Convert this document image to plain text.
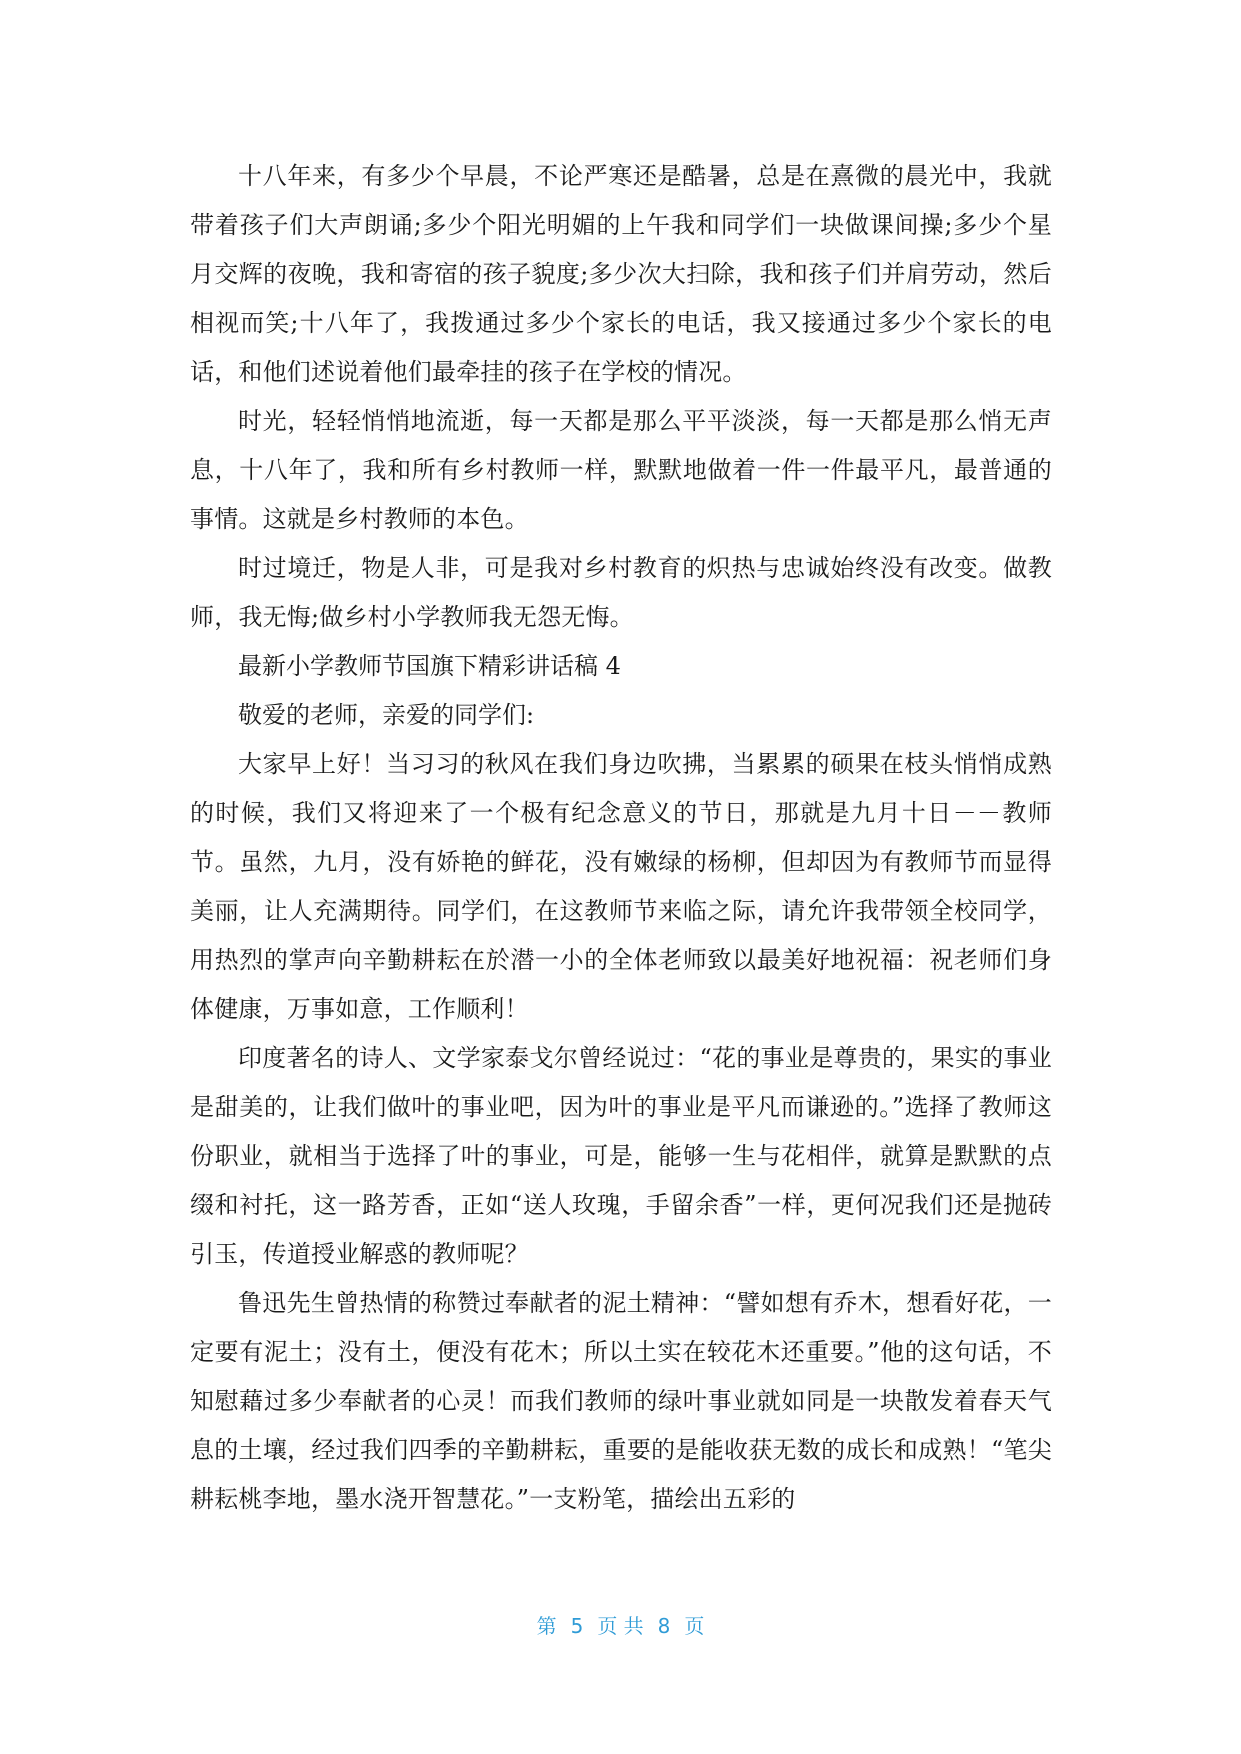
十八年来，有多少个早晨，不论严寒还是酷暑，总是在熹微的晨光中，我就带着孩子们大声朗诵;多少个阳光明媚的上午我和同学们一块做课间操;多少个星月交辉的夜晚，我和寄宿的孩子貌度;多少次大扫除，我和孩子们并肩劳动，然后相视而笑;十八年了，我拨通过多少个家长的电话，我又接通过多少个家长的电话，和他们述说着他们最牵挂的孩子在学校的情况。

时光，轻轻悄悄地流逝，每一天都是那么平平淡淡，每一天都是那么悄无声息，十八年了，我和所有乡村教师一样，默默地做着一件一件最平凡，最普通的事情。这就是乡村教师的本色。

时过境迁，物是人非，可是我对乡村教育的炽热与忠诚始终没有改变。做教师，我无悔;做乡村小学教师我无怨无悔。

最新小学教师节国旗下精彩讲话稿 4

敬爱的老师，亲爱的同学们:

大家早上好！当习习的秋风在我们身边吹拂，当累累的硕果在枝头悄悄成熟的时候，我们又将迎来了一个极有纪念意义的节日，那就是九月十日－－教师节。虽然，九月，没有娇艳的鲜花，没有嫩绿的杨柳，但却因为有教师节而显得美丽，让人充满期待。同学们，在这教师节来临之际，请允许我带领全校同学，用热烈的掌声向辛勤耕耘在於潜一小的全体老师致以最美好地祝福：祝老师们身体健康，万事如意，工作顺利！

印度著名的诗人、文学家泰戈尔曾经说过：“花的事业是尊贵的，果实的事业是甜美的，让我们做叶的事业吧，因为叶的事业是平凡而谦逊的。”选择了教师这份职业，就相当于选择了叶的事业，可是，能够一生与花相伴，就算是默默的点缀和衬托，这一路芳香，正如“送人玫瑰，手留余香”一样，更何况我们还是抛砖引玉，传道授业解惑的教师呢？

鲁迅先生曾热情的称赞过奉献者的泥土精神：“譬如想有乔木，想看好花，一定要有泥土；没有土，便没有花木；所以土实在较花木还重要。”他的这句话，不知慰藉过多少奉献者的心灵！而我们教师的绿叶事业就如同是一块散发着春天气息的土壤，经过我们四季的辛勤耕耘，重要的是能收获无数的成长和成熟！“笔尖耕耘桃李地，墨水浇开智慧花。”一支粉笔，描绘出五彩的

第 5 页 共 8 页
